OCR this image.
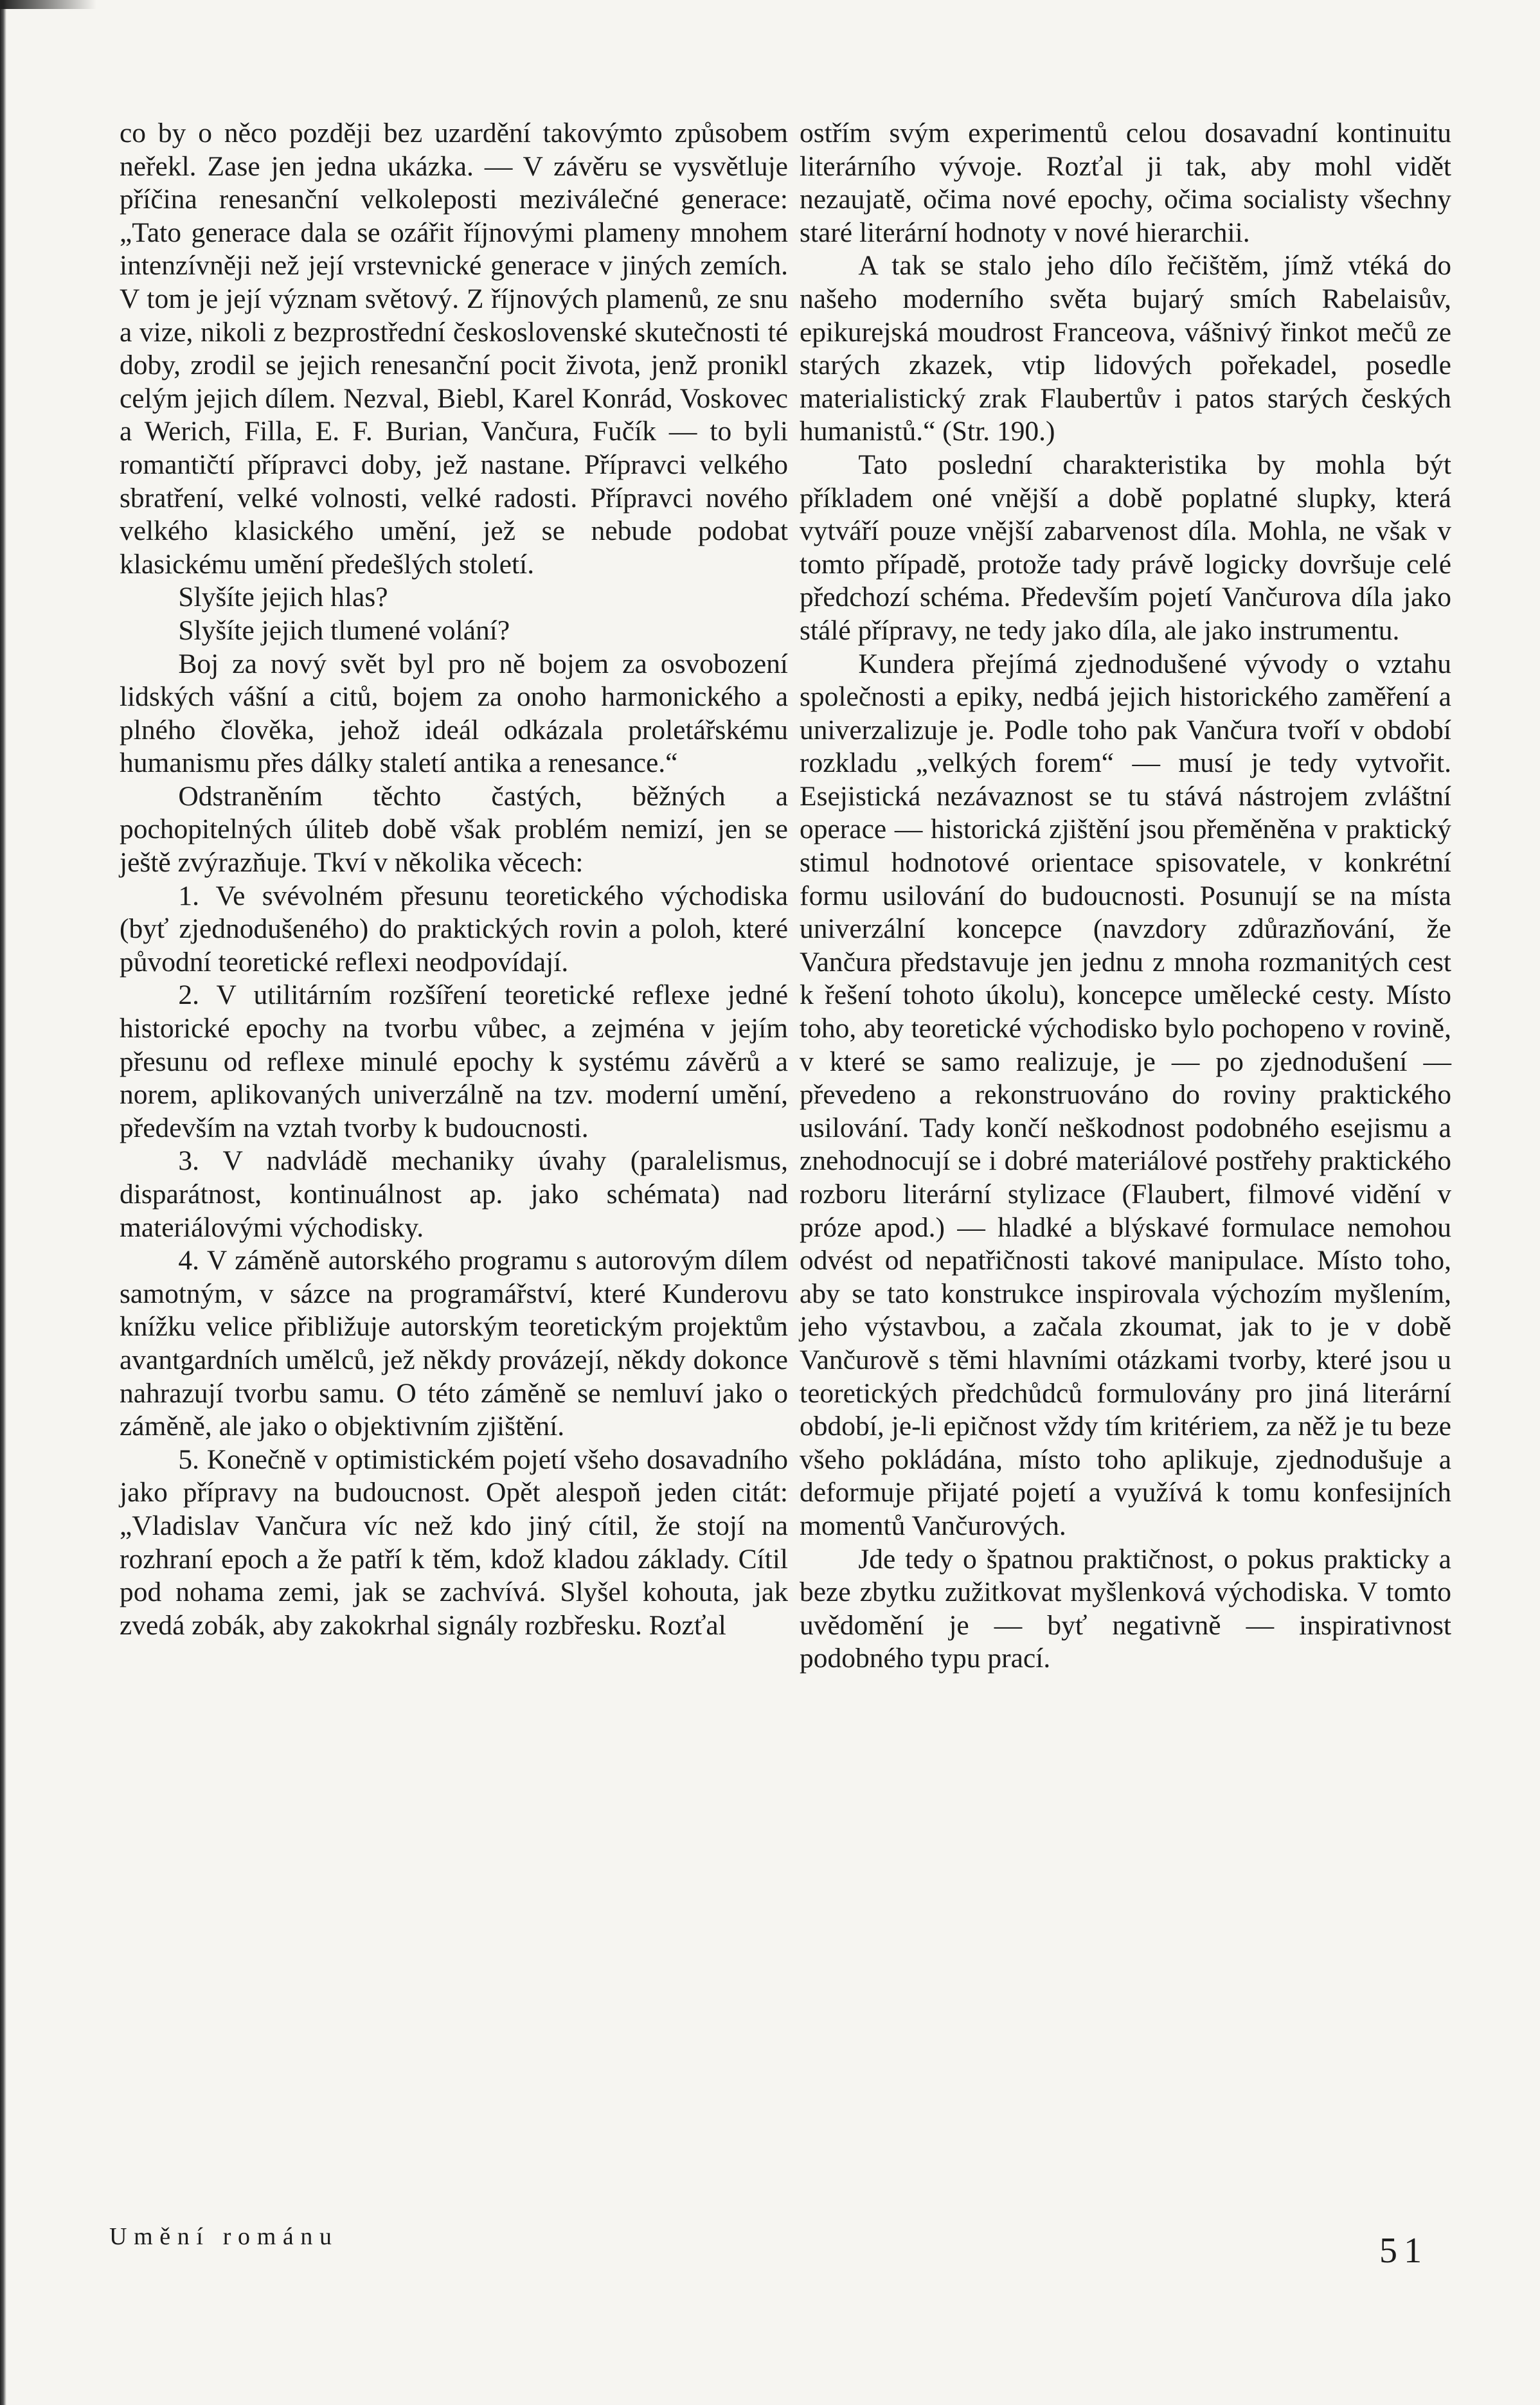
co by o něco později bez uzardění takovýmto způsobem neřekl. Zase jen jedna ukázka. — V závěru se vysvětluje příčina renesanční velkoleposti meziválečné generace: „Tato generace dala se ozářit říjnovými plameny mnohem intenzívněji než její vrstevnické generace v jiných zemích. V tom je její význam světový. Z říjnových plamenů, ze snu a vize, nikoli z bezprostřední československé skutečnosti té doby, zrodil se jejich renesanční pocit života, jenž pronikl celým jejich dílem. Nezval, Biebl, Karel Konrád, Voskovec a Werich, Filla, E. F. Burian, Vančura, Fučík — to byli romantičtí přípravci doby, jež nastane. Přípravci velkého sbratření, velké volnosti, velké radosti. Přípravci nového velkého klasického umění, jež se nebude podobat klasickému umění předešlých století.

Slyšíte jejich hlas?

Slyšíte jejich tlumené volání?

Boj za nový svět byl pro ně bojem za osvobození lidských vášní a citů, bojem za onoho harmonického a plného člověka, jehož ideál odkázala proletářskému humanismu přes dálky staletí antika a renesance.“

Odstraněním těchto častých, běžných a pochopitelných úliteb době však problém nemizí, jen se ještě zvýrazňuje. Tkví v několika věcech:

1. Ve svévolném přesunu teoretického východiska (byť zjednodušeného) do praktických rovin a poloh, které původní teoretické reflexi neodpovídají.

2. V utilitárním rozšíření teoretické reflexe jedné historické epochy na tvorbu vůbec, a zejména v jejím přesunu od reflexe minulé epochy k systému závěrů a norem, aplikovaných univerzálně na tzv. moderní umění, především na vztah tvorby k budoucnosti.

3. V nadvládě mechaniky úvahy (paralelismus, disparátnost, kontinuálnost ap. jako schémata) nad materiálovými východisky.

4. V záměně autorského programu s autorovým dílem samotným, v sázce na programářství, které Kunderovu knížku velice přibližuje autorským teoretickým projektům avantgardních umělců, jež někdy provázejí, někdy dokonce nahrazují tvorbu samu. O této záměně se nemluví jako o záměně, ale jako o objektivním zjištění.

5. Konečně v optimistickém pojetí všeho dosavadního jako přípravy na budoucnost. Opět alespoň jeden citát: „Vladislav Vančura víc než kdo jiný cítil, že stojí na rozhraní epoch a že patří k těm, kdož kladou základy. Cítil pod nohama zemi, jak se zachvívá. Slyšel kohouta, jak zvedá zobák, aby zakokrhal signály rozbřesku. Rozťal

ostřím svým experimentů celou dosavadní kontinuitu literárního vývoje. Rozťal ji tak, aby mohl vidět nezaujatě, očima nové epochy, očima socialisty všechny staré literární hodnoty v nové hierarchii.

A tak se stalo jeho dílo řečištěm, jímž vtéká do našeho moderního světa bujarý smích Rabelaisův, epikurejská moudrost Franceova, vášnivý řinkot mečů ze starých zkazek, vtip lidových pořekadel, posedle materialistický zrak Flaubertův i patos starých českých humanistů.“ (Str. 190.)

Tato poslední charakteristika by mohla být příkladem oné vnější a době poplatné slupky, která vytváří pouze vnější zabarvenost díla. Mohla, ne však v tomto případě, protože tady právě logicky dovršuje celé předchozí schéma. Především pojetí Vančurova díla jako stálé přípravy, ne tedy jako díla, ale jako instrumentu.

Kundera přejímá zjednodušené vývody o vztahu společnosti a epiky, nedbá jejich historického zaměření a univerzalizuje je. Podle toho pak Vančura tvoří v období rozkladu „velkých forem“ — musí je tedy vytvořit. Esejistická nezávaznost se tu stává nástrojem zvláštní operace — historická zjištění jsou přeměněna v praktický stimul hodnotové orientace spisovatele, v konkrétní formu usilování do budoucnosti. Posunují se na místa univerzální koncepce (navzdory zdůrazňování, že Vančura představuje jen jednu z mnoha rozmanitých cest k řešení tohoto úkolu), koncepce umělecké cesty. Místo toho, aby teoretické východisko bylo pochopeno v rovině, v které se samo realizuje, je — po zjednodušení — převedeno a rekonstruováno do roviny praktického usilování. Tady končí neškodnost podobného esejismu a znehodnocují se i dobré materiálové postřehy praktického rozboru literární stylizace (Flaubert, filmové vidění v próze apod.) — hladké a blýskavé formulace nemohou odvést od nepatřičnosti takové manipulace. Místo toho, aby se tato konstrukce inspirovala výchozím myšlením, jeho výstavbou, a začala zkoumat, jak to je v době Vančurově s těmi hlavními otázkami tvorby, které jsou u teoretických předchůdců formulovány pro jiná literární období, je-li epičnost vždy tím kritériem, za něž je tu beze všeho pokládána, místo toho aplikuje, zjednodušuje a deformuje přijaté pojetí a využívá k tomu konfesijních momentů Vančurových.

Jde tedy o špatnou praktičnost, o pokus prakticky a beze zbytku zužitkovat myšlenková východiska. V tomto uvědomění je — byť negativně — inspirativnost podobného typu prací.

Umění románu	51
